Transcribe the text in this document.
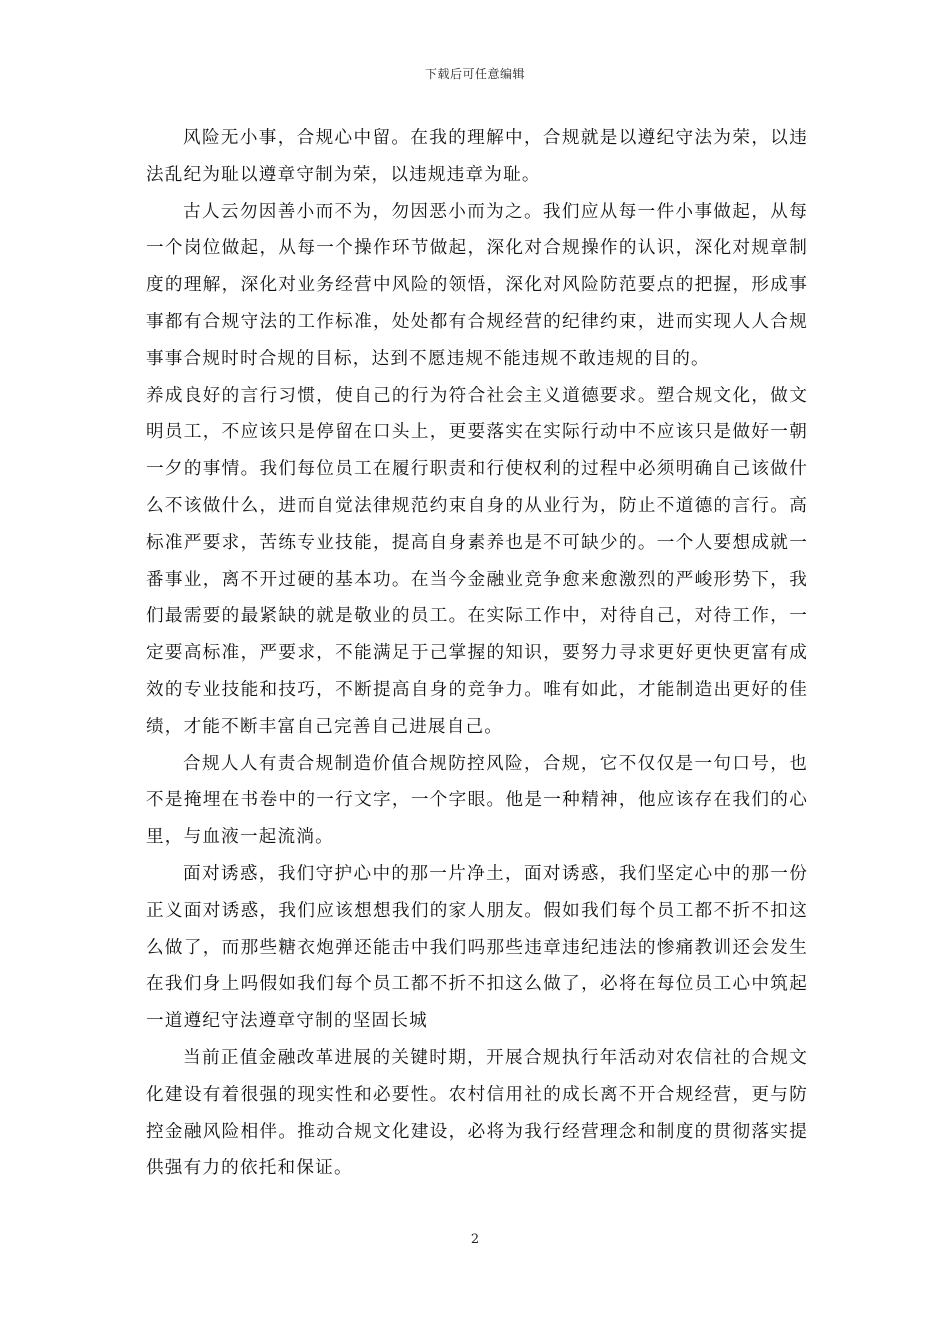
下载后可任意编辑

风险无小事，合规心中留。在我的理解中，合规就是以遵纪守法为荣，以违法乱纪为耻以遵章守制为荣，以违规违章为耻。

古人云勿因善小而不为，勿因恶小而为之。我们应从每一件小事做起，从每一个岗位做起，从每一个操作环节做起，深化对合规操作的认识，深化对规章制度的理解，深化对业务经营中风险的领悟，深化对风险防范要点的把握，形成事事都有合规守法的工作标准，处处都有合规经营的纪律约束，进而实现人人合规事事合规时时合规的目标，达到不愿违规不能违规不敢违规的目的。

养成良好的言行习惯，使自己的行为符合社会主义道德要求。塑合规文化，做文明员工，不应该只是停留在口头上，更要落实在实际行动中不应该只是做好一朝一夕的事情。我们每位员工在履行职责和行使权利的过程中必须明确自己该做什么不该做什么，进而自觉法律规范约束自身的从业行为，防止不道德的言行。高标准严要求，苦练专业技能，提高自身素养也是不可缺少的。一个人要想成就一番事业，离不开过硬的基本功。在当今金融业竞争愈来愈激烈的严峻形势下，我们最需要的最紧缺的就是敬业的员工。在实际工作中，对待自己，对待工作，一定要高标准，严要求，不能满足于己掌握的知识，要努力寻求更好更快更富有成效的专业技能和技巧，不断提高自身的竞争力。唯有如此，才能制造出更好的佳绩，才能不断丰富自己完善自己进展自己。

合规人人有责合规制造价值合规防控风险，合规，它不仅仅是一句口号，也不是掩埋在书卷中的一行文字，一个字眼。他是一种精神，他应该存在我们的心里，与血液一起流淌。

面对诱惑，我们守护心中的那一片净土，面对诱惑，我们坚定心中的那一份正义面对诱惑，我们应该想想我们的家人朋友。假如我们每个员工都不折不扣这么做了，而那些糖衣炮弹还能击中我们吗那些违章违纪违法的惨痛教训还会发生在我们身上吗假如我们每个员工都不折不扣这么做了，必将在每位员工心中筑起一道遵纪守法遵章守制的坚固长城

当前正值金融改革进展的关键时期，开展合规执行年活动对农信社的合规文化建设有着很强的现实性和必要性。农村信用社的成长离不开合规经营，更与防控金融风险相伴。推动合规文化建设，必将为我行经营理念和制度的贯彻落实提供强有力的依托和保证。

2
